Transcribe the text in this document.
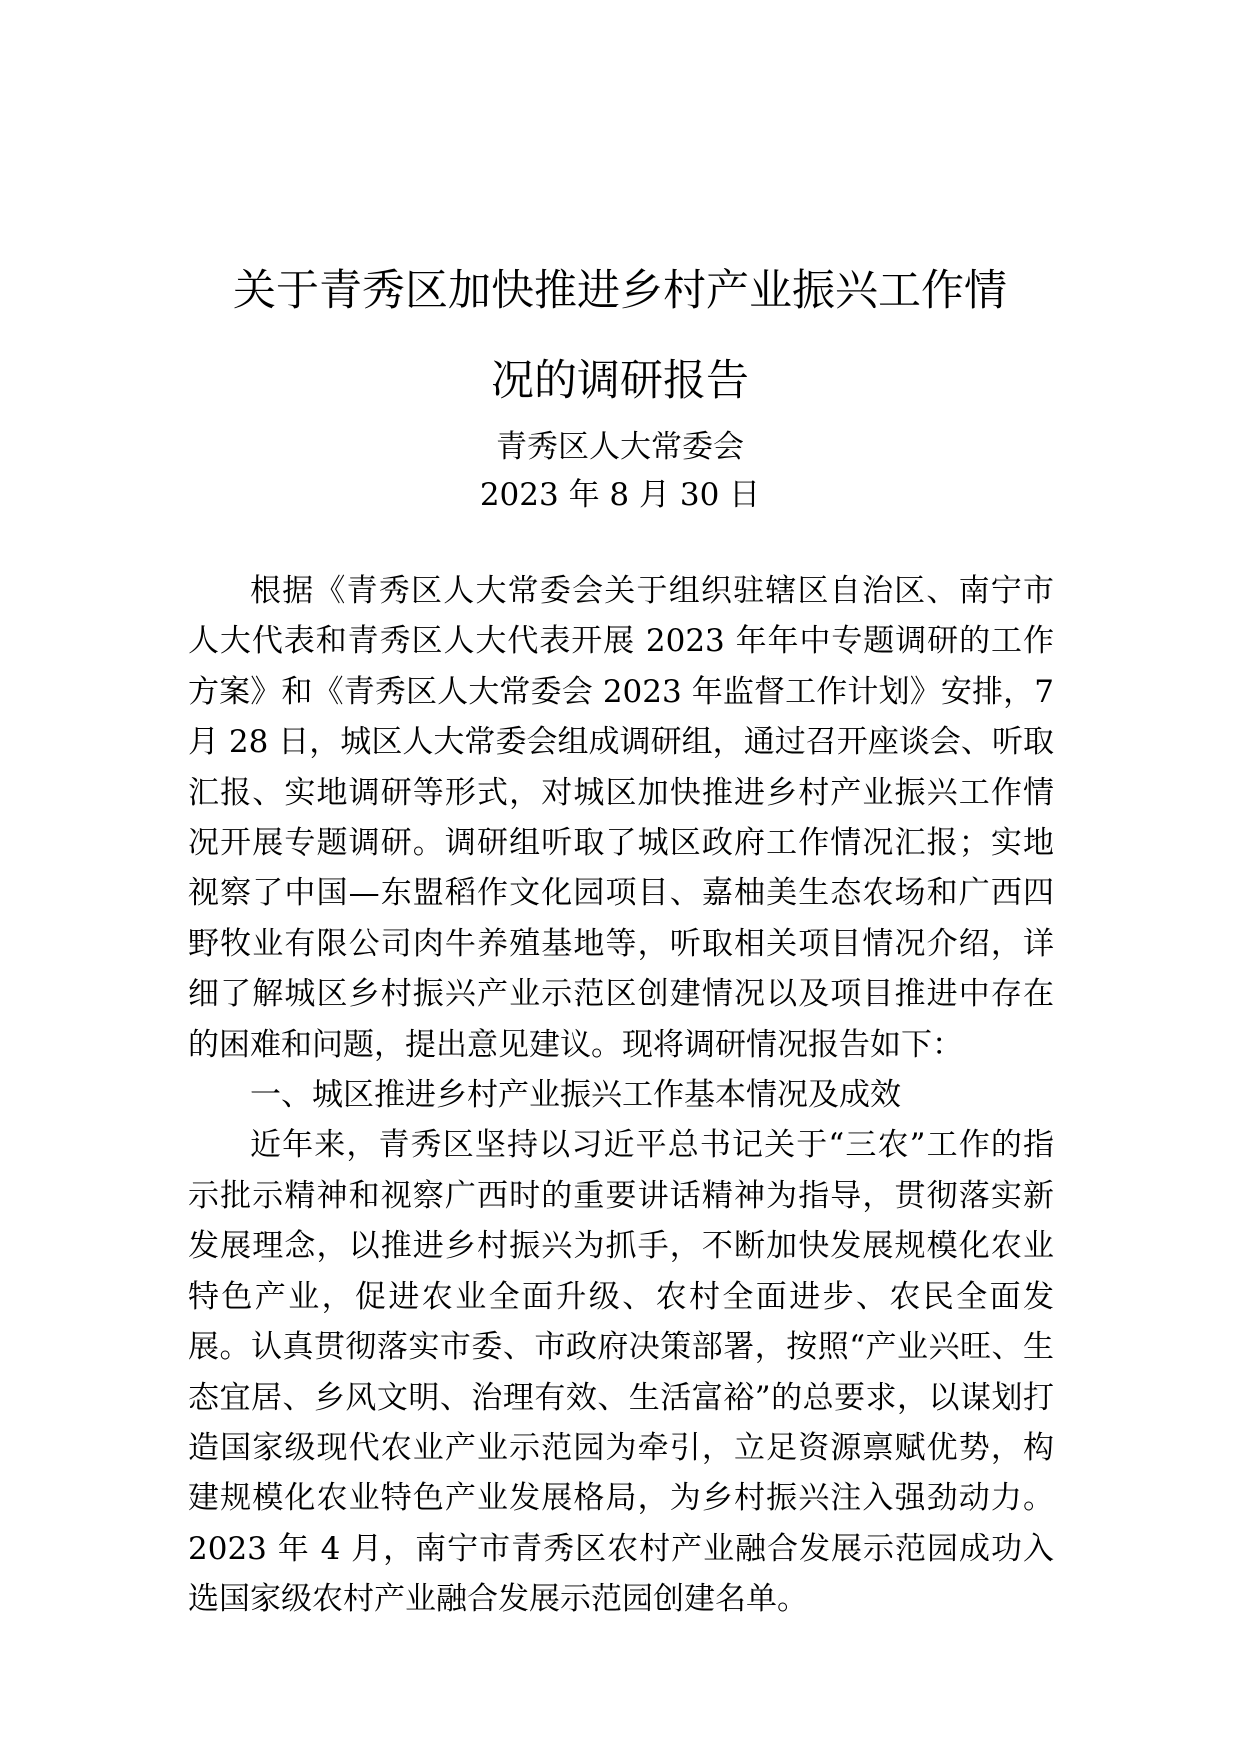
关于青秀区加快推进乡村产业振兴工作情
况的调研报告
青秀区人大常委会
2023 年 8 月 30 日

根据《青秀区人大常委会关于组织驻辖区自治区、南宁市人大代表和青秀区人大代表开展 2023 年年中专题调研的工作方案》和《青秀区人大常委会 2023 年监督工作计划》安排，7 月 28 日，城区人大常委会组成调研组，通过召开座谈会、听取汇报、实地调研等形式，对城区加快推进乡村产业振兴工作情况开展专题调研。调研组听取了城区政府工作情况汇报；实地视察了中国—东盟稻作文化园项目、嘉柚美生态农场和广西四野牧业有限公司肉牛养殖基地等，听取相关项目情况介绍，详细了解城区乡村振兴产业示范区创建情况以及项目推进中存在的困难和问题，提出意见建议。现将调研情况报告如下：

一、城区推进乡村产业振兴工作基本情况及成效

近年来，青秀区坚持以习近平总书记关于“三农”工作的指示批示精神和视察广西时的重要讲话精神为指导，贯彻落实新发展理念，以推进乡村振兴为抓手，不断加快发展规模化农业特色产业，促进农业全面升级、农村全面进步、农民全面发展。认真贯彻落实市委、市政府决策部署，按照“产业兴旺、生态宜居、乡风文明、治理有效、生活富裕”的总要求，以谋划打造国家级现代农业产业示范园为牵引，立足资源禀赋优势，构建规模化农业特色产业发展格局，为乡村振兴注入强劲动力。2023 年 4 月，南宁市青秀区农村产业融合发展示范园成功入选国家级农村产业融合发展示范园创建名单。
